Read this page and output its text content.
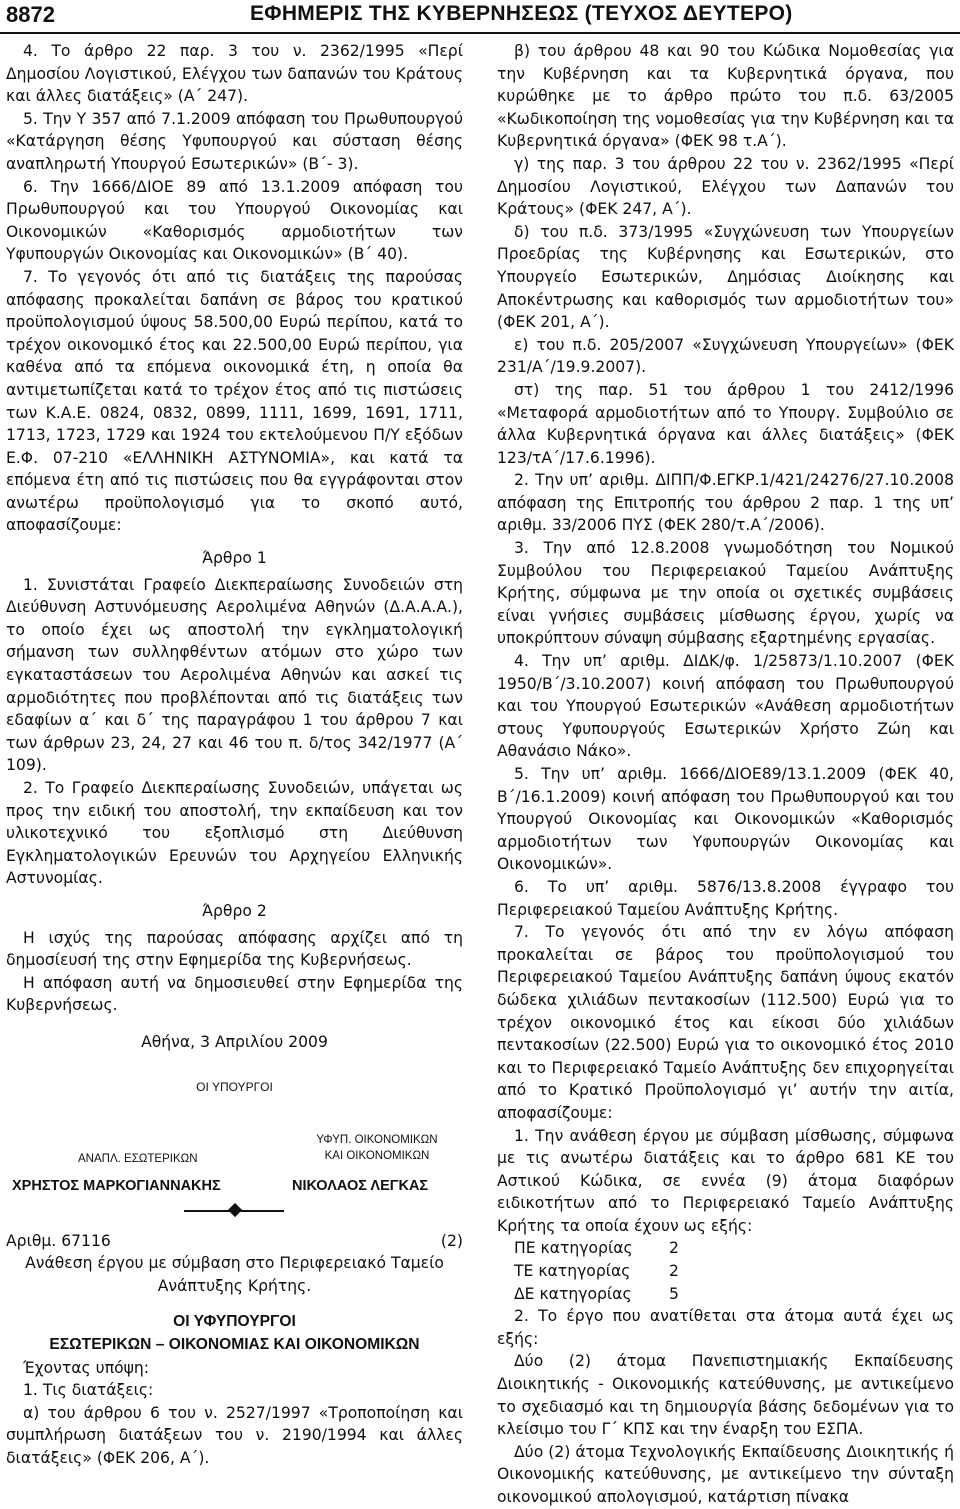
8872	ΕΦΗΜΕΡΙΣ ΤΗΣ ΚΥΒΕΡΝΗΣΕΩΣ (ΤΕΥΧΟΣ ΔΕΥΤΕΡΟ)

4. Το άρθρο 22 παρ. 3 του ν. 2362/1995 «Περί Δημοσίου Λογιστικού, Ελέγχου των δαπανών του Κράτους και άλλες διατάξεις» (Α΄ 247).

5. Την Υ 357 από 7.1.2009 απόφαση του Πρωθυπουργού «Κατάργηση θέσης Υφυπουργού και σύσταση θέσης αναπληρωτή Υπουργού Εσωτερικών» (Β΄- 3).

6. Την 1666/ΔΙΟΕ 89 από 13.1.2009 απόφαση του Πρωθυπουργού και του Υπουργού Οικονομίας και Οικονομικών «Καθορισμός αρμοδιοτήτων των Υφυπουργών Οικονομίας και Οικονομικών» (Β΄ 40).

7. Το γεγονός ότι από τις διατάξεις της παρούσας απόφασης προκαλείται δαπάνη σε βάρος του κρατικού προϋπολογισμού ύψους 58.500,00 Ευρώ περίπου, κατά το τρέχον οικονομικό έτος και 22.500,00 Ευρώ περίπου, για καθένα από τα επόμενα οικονομικά έτη, η οποία θα αντιμετωπίζεται κατά το τρέχον έτος από τις πιστώσεις των Κ.Α.Ε. 0824, 0832, 0899, 1111, 1699, 1691, 1711, 1713, 1723, 1729 και 1924 του εκτελούμενου Π/Υ εξόδων Ε.Φ. 07-210 «ΕΛΛΗΝΙΚΗ ΑΣΤΥΝΟΜΙΑ», και κατά τα επόμενα έτη από τις πιστώσεις που θα εγγράφονται στον ανωτέρω προϋπολογισμό για το σκοπό αυτό, αποφασίζουμε:

Άρθρο 1

1. Συνιστάται Γραφείο Διεκπεραίωσης Συνοδειών στη Διεύθυνση Αστυνόμευσης Αερολιμένα Αθηνών (Δ.Α.Α.Α.), το οποίο έχει ως αποστολή την εγκληματολογική σήμανση των συλληφθέντων ατόμων στο χώρο των εγκαταστάσεων του Αερολιμένα Αθηνών και ασκεί τις αρμοδιότητες που προβλέπονται από τις διατάξεις των εδαφίων α΄ και δ΄ της παραγράφου 1 του άρθρου 7 και των άρθρων 23, 24, 27 και 46 του π. δ/τος 342/1977 (Α΄ 109).

2. Το Γραφείο Διεκπεραίωσης Συνοδειών, υπάγεται ως προς την ειδική του αποστολή, την εκπαίδευση και τον υλικοτεχνικό του εξοπλισμό στη Διεύθυνση Εγκληματολογικών Ερευνών του Αρχηγείου Ελληνικής Αστυνομίας.

Άρθρο 2

Η ισχύς της παρούσας απόφασης αρχίζει από τη δημοσίευσή της στην Εφημερίδα της Κυβερνήσεως.

Η απόφαση αυτή να δημοσιευθεί στην Εφημερίδα της Κυβερνήσεως.

Αθήνα, 3 Απριλίου 2009

ΟΙ ΥΠΟΥΡΓΟΙ
ΑΝΑΠΛ. ΕΣΩΤΕΡΙΚΩΝ
ΥΦΥΠ. ΟΙΚΟΝΟΜΙΚΩΝ
ΚΑΙ ΟΙΚΟΝΟΜΙΚΩΝ
ΧΡΗΣΤΟΣ ΜΑΡΚΟΓΙΑΝΝΑΚΗΣ	ΝΙΚΟΛΑΟΣ ΛΕΓΚΑΣ
Αριθμ. 67116	(2)

Ανάθεση έργου με σύμβαση στο Περιφερειακό Ταμείο Ανάπτυξης Κρήτης.

ΟΙ ΥΦΥΠΟΥΡΓΟΙ

ΕΣΩΤΕΡΙΚΩΝ – ΟΙΚΟΝΟΜΙΑΣ ΚΑΙ ΟΙΚΟΝΟΜΙΚΩΝ

Έχοντας υπόψη:

1. Τις διατάξεις:

α) του άρθρου 6 του ν. 2527/1997 «Τροποποίηση και συμπλήρωση διατάξεων του ν. 2190/1994 και άλλες διατάξεις» (ΦΕΚ 206, Α΄).

β) του άρθρου 48 και 90 του Κώδικα Νομοθεσίας για την Κυβέρνηση και τα Κυβερνητικά όργανα, που κυρώθηκε με το άρθρο πρώτο του π.δ. 63/2005 «Κωδικοποίηση της νομοθεσίας για την Κυβέρνηση και τα Κυβερνητικά όργανα» (ΦΕΚ 98 τ.Α΄).

γ) της παρ. 3 του άρθρου 22 του ν. 2362/1995 «Περί Δημοσίου Λογιστικού, Ελέγχου των Δαπανών του Κράτους» (ΦΕΚ 247, Α΄).

δ) του π.δ. 373/1995 «Συγχώνευση των Υπουργείων Προεδρίας της Κυβέρνησης και Εσωτερικών, στο Υπουργείο Εσωτερικών, Δημόσιας Διοίκησης και Αποκέντρωσης και καθορισμός των αρμοδιοτήτων του» (ΦΕΚ 201, Α΄).

ε) του π.δ. 205/2007 «Συγχώνευση Υπουργείων» (ΦΕΚ 231/Α΄/19.9.2007).

στ) της παρ. 51 του άρθρου 1 του 2412/1996 «Μεταφορά αρμοδιοτήτων από το Υπουργ. Συμβούλιο σε άλλα Κυβερνητικά όργανα και άλλες διατάξεις» (ΦΕΚ 123/τΑ΄/17.6.1996).

2. Την υπ’ αριθμ. ΔΙΠΠ/Φ.ΕΓΚΡ.1/421/24276/27.10.2008 απόφαση της Επιτροπής του άρθρου 2 παρ. 1 της υπ’ αριθμ. 33/2006 ΠΥΣ (ΦΕΚ 280/τ.Α΄/2006).

3. Την από 12.8.2008 γνωμοδότηση του Νομικού Συμβούλου του Περιφερειακού Ταμείου Ανάπτυξης Κρήτης, σύμφωνα με την οποία οι σχετικές συμβάσεις είναι γνήσιες συμβάσεις μίσθωσης έργου, χωρίς να υποκρύπτουν σύναψη σύμβασης εξαρτημένης εργασίας.

4. Την υπ’ αριθμ. ΔΙΔΚ/φ. 1/25873/1.10.2007 (ΦΕΚ 1950/Β΄/3.10.2007) κοινή απόφαση του Πρωθυπουργού και του Υπουργού Εσωτερικών «Ανάθεση αρμοδιοτήτων στους Υφυπουργούς Εσωτερικών Χρήστο Ζώη και Αθανάσιο Νάκο».

5. Την υπ’ αριθμ. 1666/ΔΙΟΕ89/13.1.2009 (ΦΕΚ 40, Β΄/16.1.2009) κοινή απόφαση του Πρωθυπουργού και του Υπουργού Οικονομίας και Οικονομικών «Καθορισμός αρμοδιοτήτων των Υφυπουργών Οικονομίας και Οικονομικών».

6. Το υπ’ αριθμ. 5876/13.8.2008 έγγραφο του Περιφερειακού Ταμείου Ανάπτυξης Κρήτης.

7. Το γεγονός ότι από την εν λόγω απόφαση προκαλείται σε βάρος του προϋπολογισμού του Περιφερειακού Ταμείου Ανάπτυξης δαπάνη ύψους εκατόν δώδεκα χιλιάδων πεντακοσίων (112.500) Ευρώ για το τρέχον οικονομικό έτος και είκοσι δύο χιλιάδων πεντακοσίων (22.500) Ευρώ για το οικονομικό έτος 2010 και το Περιφερειακό Ταμείο Ανάπτυξης δεν επιχορηγείται από το Κρατικό Προϋπολογισμό γι’ αυτήν την αιτία, αποφασίζουμε:

1. Την ανάθεση έργου με σύμβαση μίσθωσης, σύμφωνα με τις ανωτέρω διατάξεις και το άρθρο 681 ΚΕ του Αστικού Κώδικα, σε εννέα (9) άτομα διαφόρων ειδικοτήτων από το Περιφερειακό Ταμείο Ανάπτυξης Κρήτης τα οποία έχουν ως εξής:

ΠΕ κατηγορίας	2
ΤΕ κατηγορίας	2
ΔΕ κατηγορίας	5

2. Το έργο που ανατίθεται στα άτομα αυτά έχει ως εξής:

Δύο (2) άτομα Πανεπιστημιακής Εκπαίδευσης Διοικητικής - Οικονομικής κατεύθυνσης, με αντικείμενο το σχεδιασμό και τη δημιουργία βάσης δεδομένων για το κλείσιμο του Γ΄ ΚΠΣ και την έναρξη του ΕΣΠΑ.

Δύο (2) άτομα Τεχνολογικής Εκπαίδευσης Διοικητικής ή Οικονομικής κατεύθυνσης, με αντικείμενο την σύνταξη οικονομικού απολογισμού, κατάρτιση πίνακα
